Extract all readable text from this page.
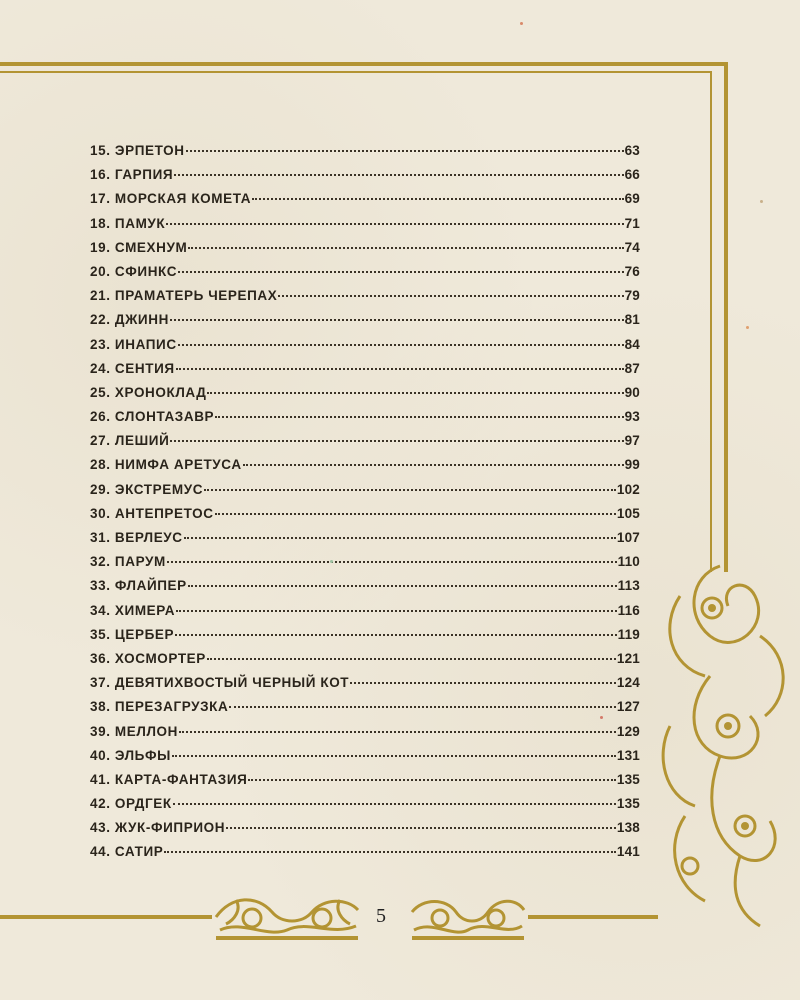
15. ЭРПЕТОН	63
16. ГАРПИЯ	66
17. МОРСКАЯ КОМЕТА	69
18. ПАМУК	71
19. СМЕХНУМ	74
20. СФИНКС	76
21. ПРАМАТЕРЬ ЧЕРЕПАХ	79
22. ДЖИНН	81
23. ИНАПИС	84
24. СЕНТИЯ	87
25. ХРОНОКЛАД	90
26. СЛОНТАЗАВР	93
27. ЛЕШИЙ	97
28. НИМФА АРЕТУСА	99
29. ЭКСТРЕМУС	102
30. АНТЕПРЕТОС	105
31. ВЕРЛЕУС	107
32. ПАРУМ	110
33. ФЛАЙПЕР	113
34. ХИМЕРА	116
35. ЦЕРБЕР	119
36. ХОСМОРТЕР	121
37. ДЕВЯТИХВОСТЫЙ ЧЕРНЫЙ КОТ	124
38. ПЕРЕЗАГРУЗКА	127
39. МЕЛЛОН	129
40. ЭЛЬФЫ	131
41. КАРТА-ФАНТАЗИЯ	135
42. ОРДГЕК	135
43. ЖУК-ФИПРИОН	138
44. САТИР	141
5
